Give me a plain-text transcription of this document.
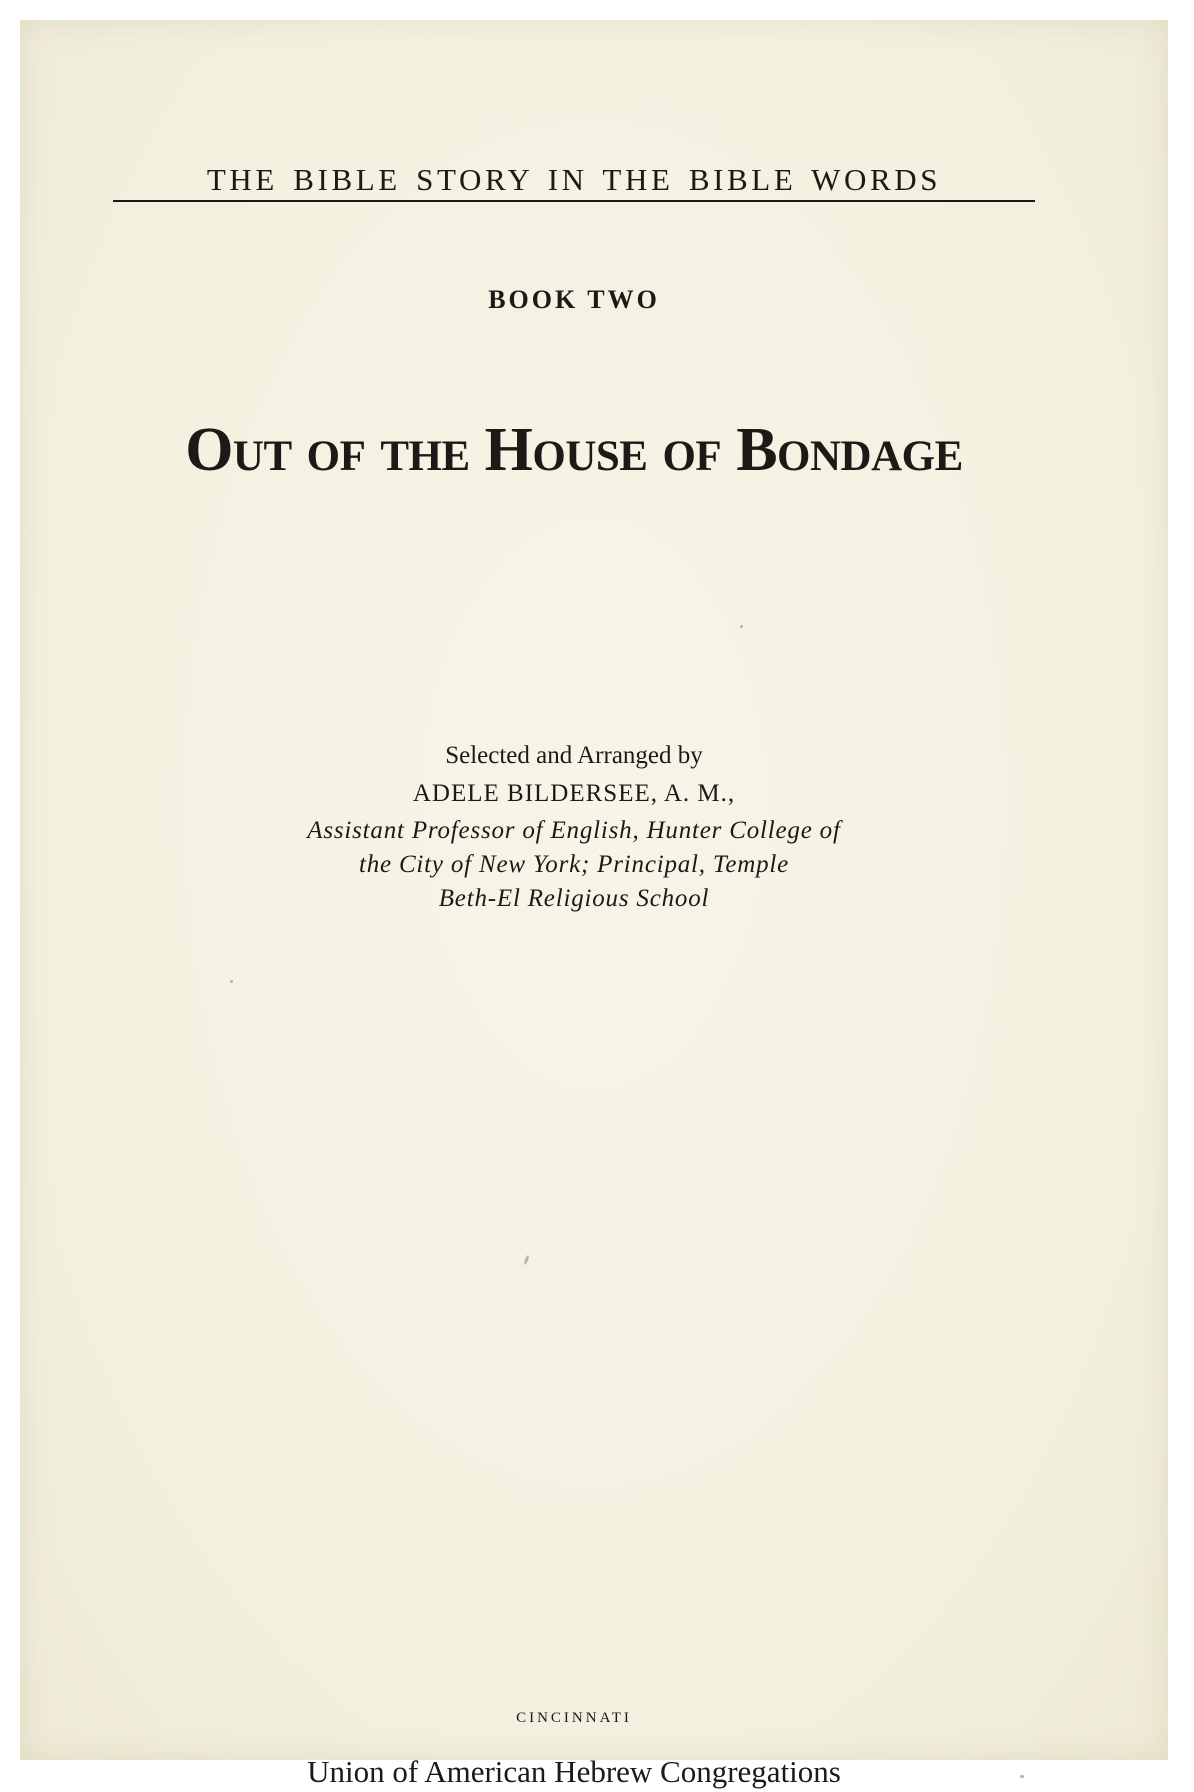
THE BIBLE STORY IN THE BIBLE WORDS
BOOK TWO
Out of the House of Bondage
Selected and Arranged by
ADELE BILDERSEE, A. M.,
Assistant Professor of English, Hunter College of
the City of New York; Principal, Temple
Beth-El Religious School
CINCINNATI
Union of American Hebrew Congregations
